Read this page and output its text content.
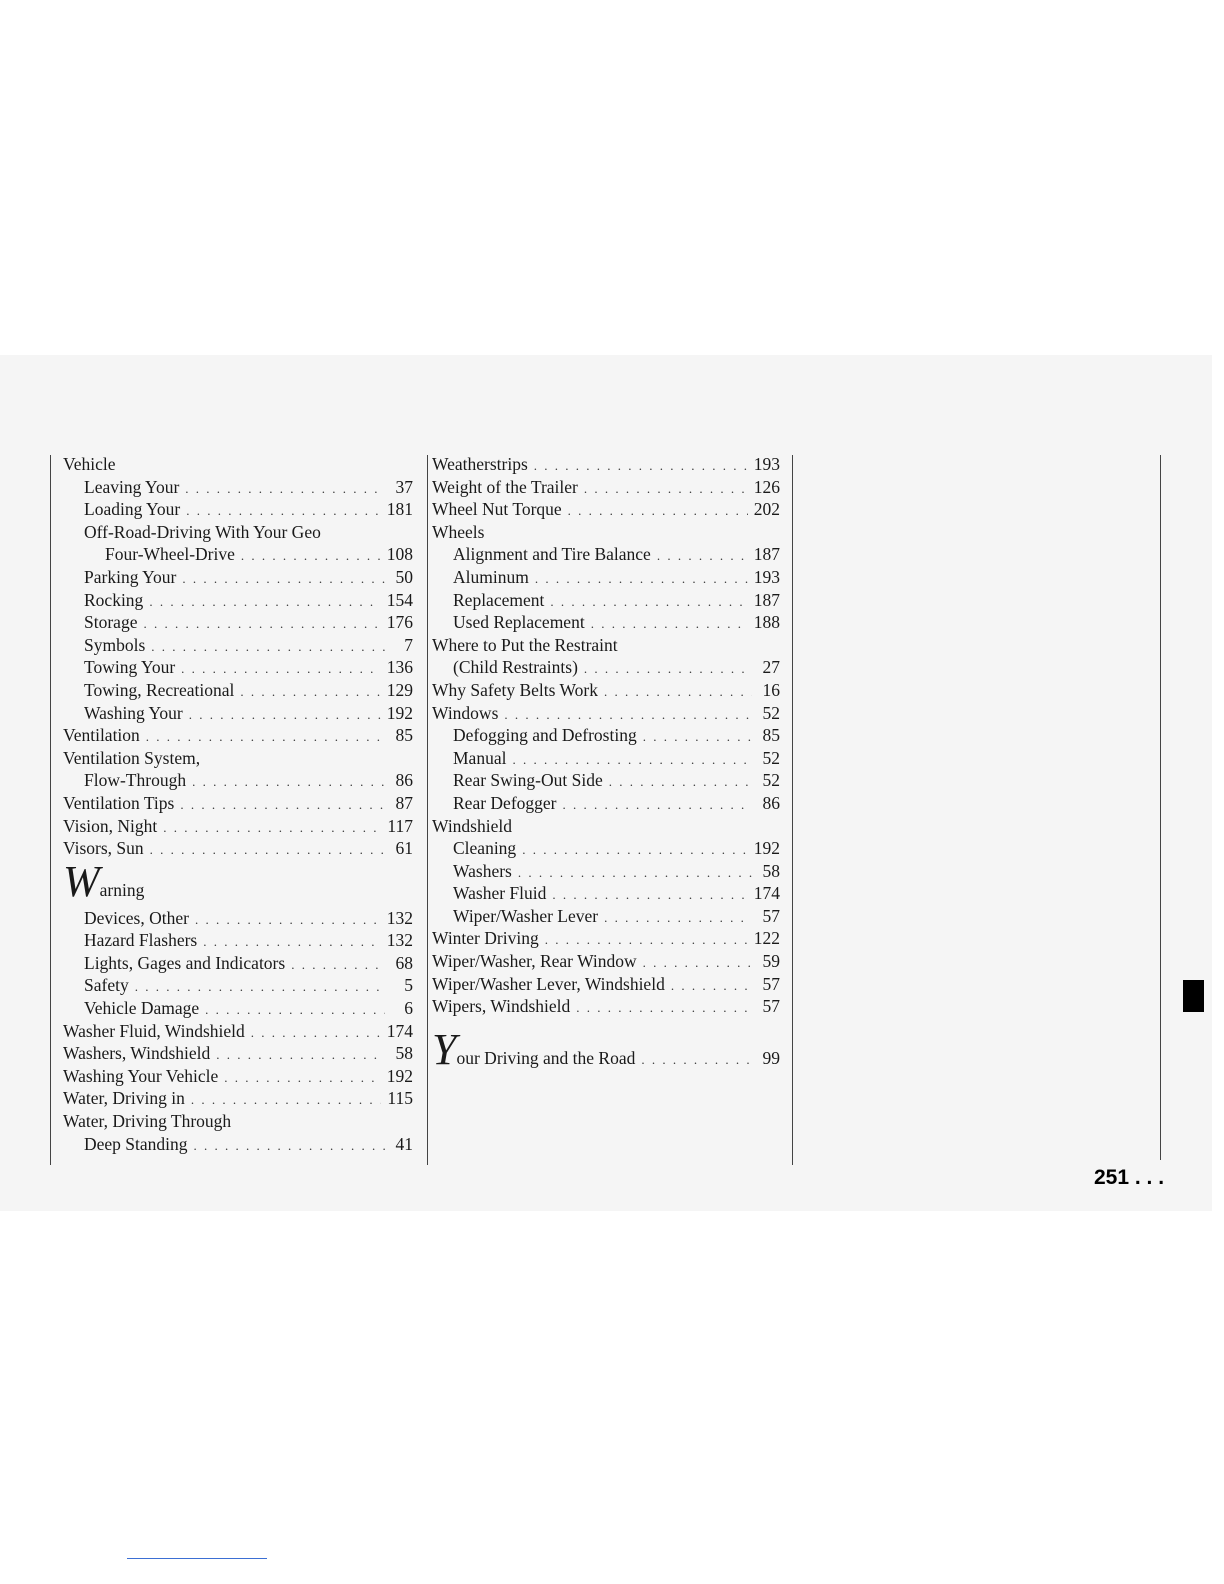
Vehicle
Leaving Your . . .	37
Loading Your . . .	181
Off-Road-Driving With Your Geo
Four-Wheel-Drive . . .	108
Parking Your . . .	50
Rocking . . .	154
Storage . . .	176
Symbols . . .	7
Towing Your . . .	136
Towing, Recreational . . .	129
Washing Your . . .	192
Ventilation . . .	85
Ventilation System,
Flow-Through . . .	86
Ventilation Tips . . .	87
Vision, Night . . .	117
Visors, Sun . . .	61
W arning
Devices, Other . . .	132
Hazard Flashers . . .	132
Lights, Gages and Indicators . . .	68
Safety . . .	5
Vehicle Damage . . .	6
Washer Fluid, Windshield . . .	174
Washers, Windshield . . .	58
Washing Your Vehicle . . .	192
Water, Driving in . . .	115
Water, Driving Through
Deep Standing . . .	41
Weatherstrips . . .	193
Weight of the Trailer . . .	126
Wheel Nut Torque . . .	202
Wheels
Alignment and Tire Balance . . .	187
Aluminum . . .	193
Replacement . . .	187
Used Replacement . . .	188
Where to Put the Restraint
(Child Restraints) . . .	27
Why Safety Belts Work . . .	16
Windows . . .	52
Defogging and Defrosting . . .	85
Manual . . .	52
Rear Swing-Out Side . . .	52
Rear Defogger . . .	86
Windshield
Cleaning . . .	192
Washers . . .	58
Washer Fluid . . .	174
Wiper/Washer Lever . . .	57
Winter Driving . . .	122
Wiper/Washer, Rear Window . . .	59
Wiper/Washer Lever, Windshield . . .	57
Wipers, Windshield . . .	57
Y our Driving and the Road . . .	99
251 . . .
